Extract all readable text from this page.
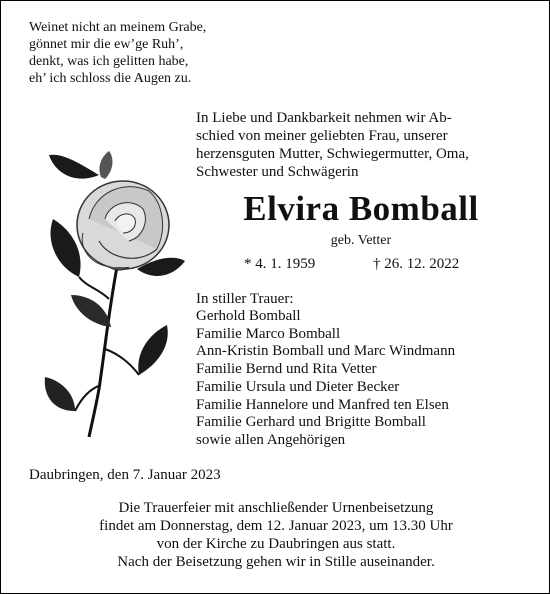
Weinet nicht an meinem Grabe,
gönnet mir die ew’ge Ruh’,
denkt, was ich gelitten habe,
eh’ ich schloss die Augen zu.
In Liebe und Dankbarkeit nehmen wir Ab-
schied von meiner geliebten Frau, unserer
herzensguten Mutter, Schwiegermutter, Oma,
Schwester und Schwägerin
Elvira Bomball
geb. Vetter
* 4. 1. 1959	† 26. 12. 2022
In stiller Trauer:
Gerhold Bomball
Familie Marco Bomball
Ann-Kristin Bomball und Marc Windmann
Familie Bernd und Rita Vetter
Familie Ursula und Dieter Becker
Familie Hannelore und Manfred ten Elsen
Familie Gerhard und Brigitte Bomball
sowie allen Angehörigen
Daubringen, den 7. Januar 2023
Die Trauerfeier mit anschließender Urnenbeisetzung
findet am Donnerstag, dem 12. Januar 2023, um 13.30 Uhr
von der Kirche zu Daubringen aus statt.
Nach der Beisetzung gehen wir in Stille auseinander.
